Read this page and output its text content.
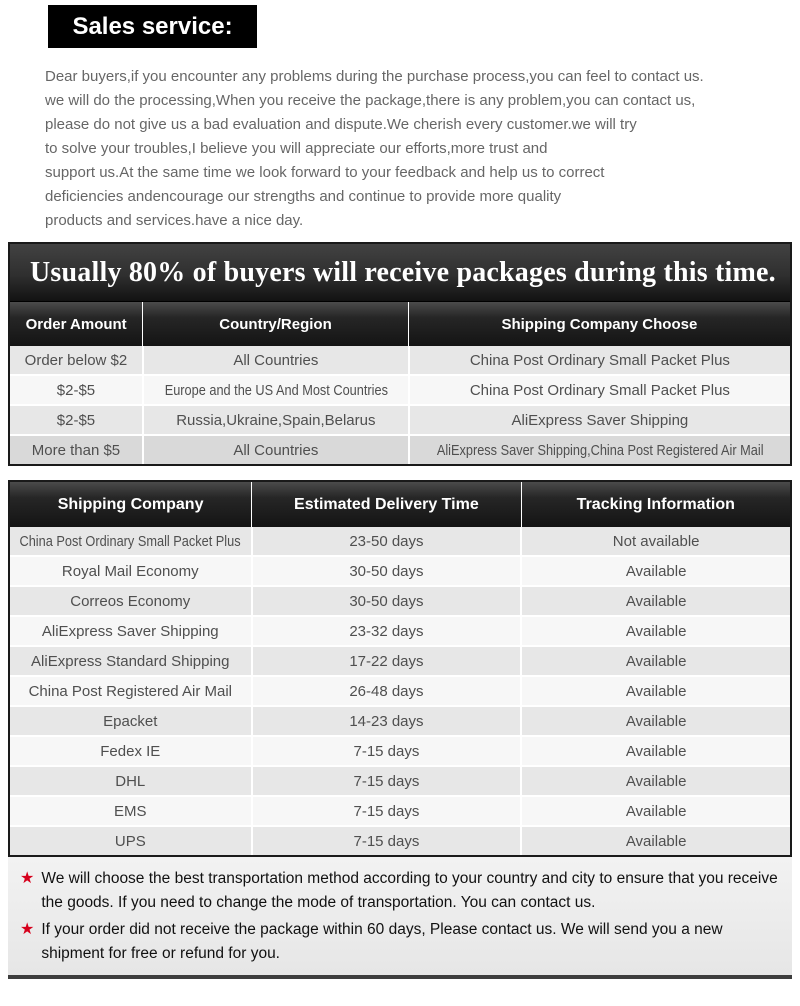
Sales service:
Dear buyers,if you encounter any problems during the purchase process,you can feel to contact us.
we will do the processing,When you receive the package,there is any problem,you can contact us,
please do not give us a bad evaluation and dispute.We cherish every customer.we will try
to solve your troubles,I believe you will appreciate our efforts,more trust and
support us.At the same time we look forward to your feedback and help us to correct
deficiencies andencourage our strengths and continue to provide more quality
products and services.have a nice day.
Usually 80% of buyers will receive packages during this time.
Order Amount	Country/Region	Shipping Company Choose
Order below $2	All Countries	China Post Ordinary Small Packet Plus
$2-$5	Europe and the US And Most Countries	China Post Ordinary Small Packet Plus
$2-$5	Russia,Ukraine,Spain,Belarus	AliExpress Saver Shipping
More than $5	All Countries	AliExpress Saver Shipping,China Post Registered Air Mail
Shipping Company	Estimated Delivery Time	Tracking Information
China Post Ordinary Small Packet Plus	23-50 days	Not available
Royal Mail Economy	30-50 days	Available
Correos Economy	30-50 days	Available
AliExpress Saver Shipping	23-32 days	Available
AliExpress Standard Shipping	17-22 days	Available
China Post Registered Air Mail	26-48 days	Available
Epacket	14-23 days	Available
Fedex IE	7-15 days	Available
DHL	7-15 days	Available
EMS	7-15 days	Available
UPS	7-15 days	Available
★ We will choose the best transportation method according to your country and city to ensure that you receive the goods. If you need to change the mode of transportation. You can contact us.
★ If your order did not receive the package within 60 days, Please contact us. We will send you a new shipment for free or refund for you.
